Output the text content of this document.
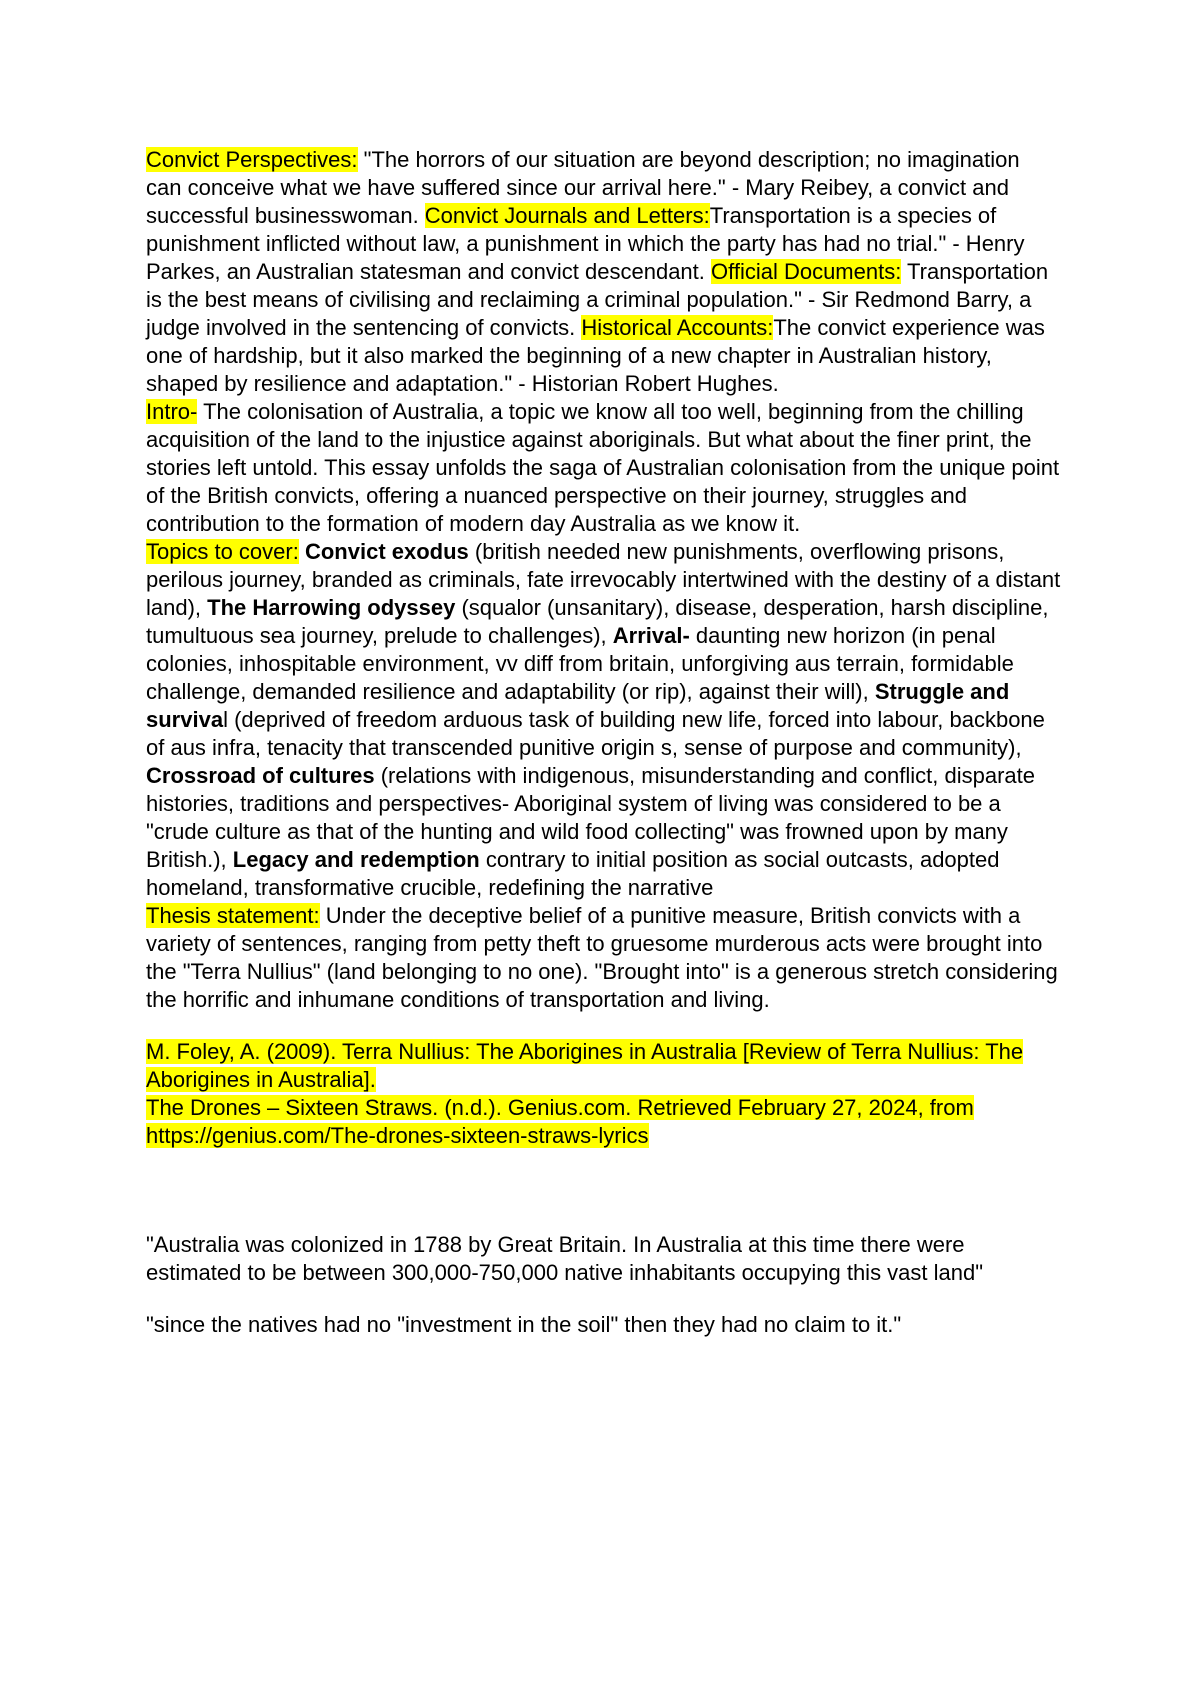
Convict Perspectives: "The horrors of our situation are beyond description; no imagination can conceive what we have suffered since our arrival here." - Mary Reibey, a convict and successful businesswoman. Convict Journals and Letters:Transportation is a species of punishment inflicted without law, a punishment in which the party has had no trial." - Henry Parkes, an Australian statesman and convict descendant. Official Documents: Transportation is the best means of civilising and reclaiming a criminal population." - Sir Redmond Barry, a judge involved in the sentencing of convicts. Historical Accounts:The convict experience was one of hardship, but it also marked the beginning of a new chapter in Australian history, shaped by resilience and adaptation." - Historian Robert Hughes.

Intro- The colonisation of Australia, a topic we know all too well, beginning from the chilling acquisition of the land to the injustice against aboriginals. But what about the finer print, the stories left untold. This essay unfolds the saga of Australian colonisation from the unique point of the British convicts, offering a nuanced perspective on their journey, struggles and contribution to the formation of modern day Australia as we know it.

Topics to cover: Convict exodus (british needed new punishments, overflowing prisons, perilous journey, branded as criminals, fate irrevocably intertwined with the destiny of a distant land), The Harrowing odyssey (squalor (unsanitary), disease, desperation, harsh discipline, tumultuous sea journey, prelude to challenges), Arrival- daunting new horizon (in penal colonies, inhospitable environment, vv diff from britain, unforgiving aus terrain, formidable challenge, demanded resilience and adaptability (or rip), against their will), Struggle and survival (deprived of freedom arduous task of building new life, forced into labour, backbone of aus infra, tenacity that transcended punitive origin s, sense of purpose and community), Crossroad of cultures (relations with indigenous, misunderstanding and conflict, disparate histories, traditions and perspectives- Aboriginal system of living was considered to be a "crude culture as that of the hunting and wild food collecting" was frowned upon by many British.), Legacy and redemption contrary to initial position as social outcasts, adopted homeland, transformative crucible, redefining the narrative

Thesis statement: Under the deceptive belief of a punitive measure, British convicts with a variety of sentences, ranging from petty theft to gruesome murderous acts were brought into the "Terra Nullius" (land belonging to no one). "Brought into" is a generous stretch considering the horrific and inhumane conditions of transportation and living.

M. Foley, A. (2009). Terra Nullius: The Aborigines in Australia [Review of Terra Nullius: The Aborigines in Australia].

The Drones – Sixteen Straws. (n.d.). Genius.com. Retrieved February 27, 2024, from https://genius.com/The-drones-sixteen-straws-lyrics

"Australia was colonized in 1788 by Great Britain. In Australia at this time there were estimated to be between 300,000-750,000 native inhabitants occupying this vast land"

"since the natives had no "investment in the soil" then they had no claim to it."
